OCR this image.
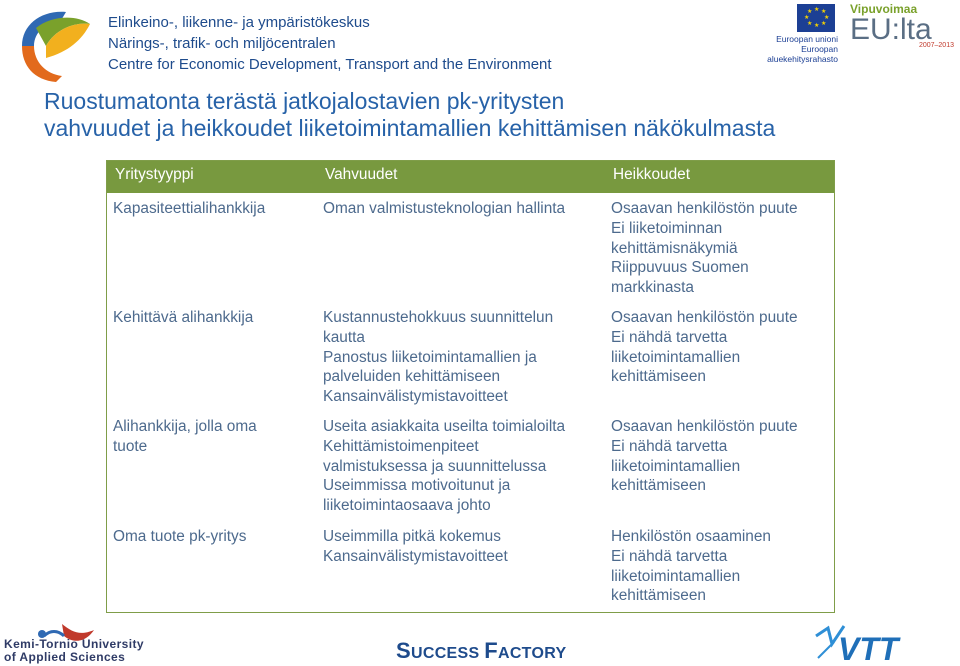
Elinkeino-, liikenne- ja ympäristökeskus
Närings-, trafik- och miljöcentralen
Centre for Economic Development, Transport and the Environment
★ ★
★
★
★
★
★
★
Euroopan unioni
Euroopan aluekehitysrahasto
Vipuvoimaa
EU:lta
2007–2013
Ruostumatonta terästä jatkojalostavien pk-yritysten
vahvuudet ja heikkoudet liiketoimintamallien kehittämisen näkökulmasta
Yritystyyppi	Vahvuudet	Heikkoudet

Kapasiteettialihankkija	Oman valmistusteknologian hallinta	Osaavan henkilöstön puute
Ei liiketoiminnan
kehittämisnäkymiä
Riippuvuus Suomen
markkinasta

Kehittävä alihankkija	Kustannustehokkuus suunnittelun
kautta
Panostus liiketoimintamallien ja
palveluiden kehittämiseen
Kansainvälistymistavoitteet	Osaavan henkilöstön puute
Ei nähdä tarvetta
liiketoimintamallien
kehittämiseen

Alihankkija, jolla oma
tuote	Useita asiakkaita useilta toimialoilta
Kehittämistoimenpiteet
valmistuksessa ja suunnittelussa
Useimmissa motivoitunut ja
liiketoimintaosaava johto	Osaavan henkilöstön puute
Ei nähdä tarvetta
liiketoimintamallien
kehittämiseen

Oma tuote pk-yritys	Useimmilla pitkä kokemus
Kansainvälistymistavoitteet	Henkilöstön osaaminen
Ei nähdä tarvetta
liiketoimintamallien
kehittämiseen
Kemi-Tornio University
of Applied Sciences	SUCCESS FACTORY	VTT
